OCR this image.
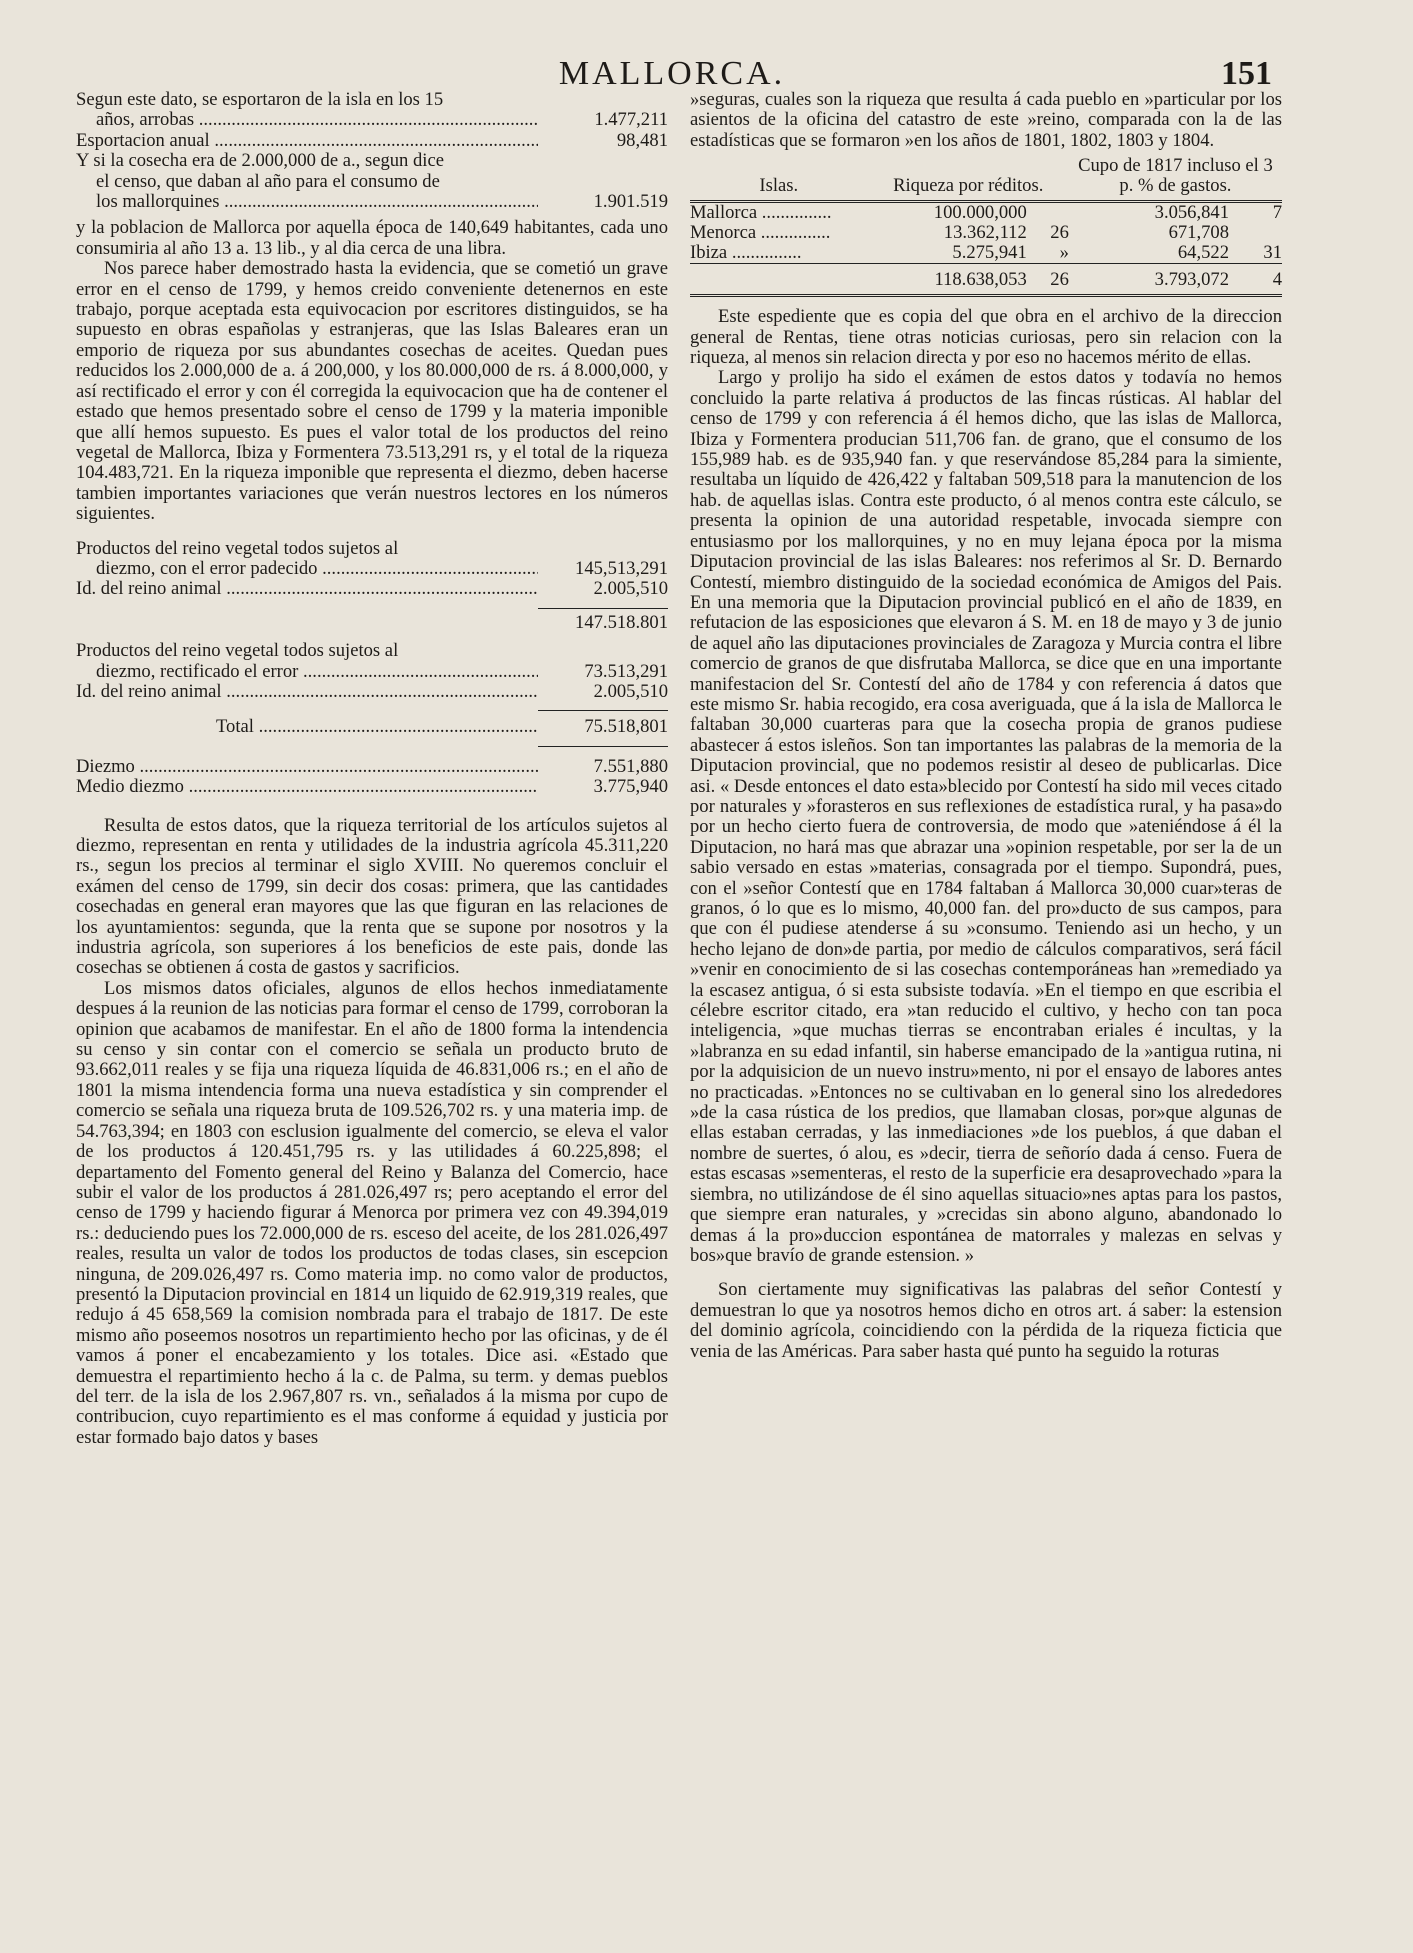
MALLORCA.	151
Segun este dato, se esportaron de la isla en los 15
años, arrobas .....	1.477,211
Esportacion anual .....	98,481
Y si la cosecha era de 2.000,000 de a., segun dice
el censo, que daban al año para el consumo de
los mallorquines .....	1.901.519

y la poblacion de Mallorca por aquella época de 140,649 habitantes, cada uno consumiria al año 13 a. 13 lib., y al dia cerca de una libra.

Nos parece haber demostrado hasta la evidencia, que se cometió un grave error en el censo de 1799, y hemos creido conveniente detenernos en este trabajo, porque aceptada esta equivocacion por escritores distinguidos, se ha supuesto en obras españolas y estranjeras, que las Islas Baleares eran un emporio de riqueza por sus abundantes cosechas de aceites. Quedan pues reducidos los 2.000,000 de a. á 200,000, y los 80.000,000 de rs. á 8.000,000, y así rectificado el error y con él corregida la equivocacion que ha de contener el estado que hemos presentado sobre el censo de 1799 y la materia imponible que allí hemos supuesto. Es pues el valor total de los productos del reino vegetal de Mallorca, Ibiza y Formentera 73.513,291 rs, y el total de la riqueza 104.483,721. En la riqueza imponible que representa el diezmo, deben hacerse tambien importantes variaciones que verán nuestros lectores en los números siguientes.

Productos del reino vegetal todos sujetos al
diezmo, con el error padecido .....	145,513,291
Id. del reino animal .....	2.005,510
147.518.801
Productos del reino vegetal todos sujetos al
diezmo, rectificado el error .....	73.513,291
Id. del reino animal .....	2.005,510
Total .....	75.518,801
Diezmo .....	7.551,880
Medio diezmo .....	3.775,940

Resulta de estos datos, que la riqueza territorial de los artículos sujetos al diezmo, representan en renta y utilidades de la industria agrícola 45.311,220 rs., segun los precios al terminar el siglo XVIII. No queremos concluir el exámen del censo de 1799, sin decir dos cosas: primera, que las cantidades cosechadas en general eran mayores que las que figuran en las relaciones de los ayuntamientos: segunda, que la renta que se supone por nosotros y la industria agrícola, son superiores á los beneficios de este pais, donde las cosechas se obtienen á costa de gastos y sacrificios.

Los mismos datos oficiales, algunos de ellos hechos inmediatamente despues á la reunion de las noticias para formar el censo de 1799, corroboran la opinion que acabamos de manifestar. En el año de 1800 forma la intendencia su censo y sin contar con el comercio se señala un producto bruto de 93.662,011 reales y se fija una riqueza líquida de 46.831,006 rs.; en el año de 1801 la misma intendencia forma una nueva estadística y sin comprender el comercio se señala una riqueza bruta de 109.526,702 rs. y una materia imp. de 54.763,394; en 1803 con esclusion igualmente del comercio, se eleva el valor de los productos á 120.451,795 rs. y las utilidades á 60.225,898; el departamento del Fomento general del Reino y Balanza del Comercio, hace subir el valor de los productos á 281.026,497 rs; pero aceptando el error del censo de 1799 y haciendo figurar á Menorca por primera vez con 49.394,019 rs.: deduciendo pues los 72.000,000 de rs. esceso del aceite, de los 281.026,497 reales, resulta un valor de todos los productos de todas clases, sin escepcion ninguna, de 209.026,497 rs. Como materia imp. no como valor de productos, presentó la Diputacion provincial en 1814 un liquido de 62.919,319 reales, que redujo á 45 658,569 la comision nombrada para el trabajo de 1817. De este mismo año poseemos nosotros un repartimiento hecho por las oficinas, y de él vamos á poner el encabezamiento y los totales. Dice asi. «Estado que demuestra el repartimiento hecho á la c. de Palma, su term. y demas pueblos del terr. de la isla de los 2.967,807 rs. vn., señalados á la misma por cupo de contribucion, cuyo repartimiento es el mas conforme á equidad y justicia por estar formado bajo datos y bases

»seguras, cuales son la riqueza que resulta á cada pueblo en »particular por los asientos de la oficina del catastro de este »reino, comparada con la de las estadísticas que se formaron »en los años de 1801, 1802, 1803 y 1804.

Islas.	Riqueza por réditos.		Cupo de 1817 incluso el 3 p. % de gastos.	
Mallorca .....	100.000,000		3.056,841	7
Menorca .....	13.362,112	26	671,708	
Ibiza .....	5.275,941	»	64,522	31
	118.638,053	26	3.793,072	4

Este espediente que es copia del que obra en el archivo de la direccion general de Rentas, tiene otras noticias curiosas, pero sin relacion con la riqueza, al menos sin relacion directa y por eso no hacemos mérito de ellas.

Largo y prolijo ha sido el exámen de estos datos y todavía no hemos concluido la parte relativa á productos de las fincas rústicas. Al hablar del censo de 1799 y con referencia á él hemos dicho, que las islas de Mallorca, Ibiza y Formentera producian 511,706 fan. de grano, que el consumo de los 155,989 hab. es de 935,940 fan. y que reservándose 85,284 para la simiente, resultaba un líquido de 426,422 y faltaban 509,518 para la manutencion de los hab. de aquellas islas. Contra este producto, ó al menos contra este cálculo, se presenta la opinion de una autoridad respetable, invocada siempre con entusiasmo por los mallorquines, y no en muy lejana época por la misma Diputacion provincial de las islas Baleares: nos referimos al Sr. D. Bernardo Contestí, miembro distinguido de la sociedad económica de Amigos del Pais. En una memoria que la Diputacion provincial publicó en el año de 1839, en refutacion de las esposiciones que elevaron á S. M. en 18 de mayo y 3 de junio de aquel año las diputaciones provinciales de Zaragoza y Murcia contra el libre comercio de granos de que disfrutaba Mallorca, se dice que en una importante manifestacion del Sr. Contestí del año de 1784 y con referencia á datos que este mismo Sr. habia recogido, era cosa averiguada, que á la isla de Mallorca le faltaban 30,000 cuarteras para que la cosecha propia de granos pudiese abastecer á estos isleños. Son tan importantes las palabras de la memoria de la Diputacion provincial, que no podemos resistir al deseo de publicarlas. Dice asi. « Desde entonces el dato esta»blecido por Contestí ha sido mil veces citado por naturales y »forasteros en sus reflexiones de estadística rural, y ha pasa»do por un hecho cierto fuera de controversia, de modo que »ateniéndose á él la Diputacion, no hará mas que abrazar una »opinion respetable, por ser la de un sabio versado en estas »materias, consagrada por el tiempo. Supondrá, pues, con el »señor Contestí que en 1784 faltaban á Mallorca 30,000 cuar»teras de granos, ó lo que es lo mismo, 40,000 fan. del pro»ducto de sus campos, para que con él pudiese atenderse á su »consumo. Teniendo asi un hecho, y un hecho lejano de don»de partia, por medio de cálculos comparativos, será fácil »venir en conocimiento de si las cosechas contemporáneas han »remediado ya la escasez antigua, ó si esta subsiste todavía. »En el tiempo en que escribia el célebre escritor citado, era »tan reducido el cultivo, y hecho con tan poca inteligencia, »que muchas tierras se encontraban eriales é incultas, y la »labranza en su edad infantil, sin haberse emancipado de la »antigua rutina, ni por la adquisicion de un nuevo instru»mento, ni por el ensayo de labores antes no practicadas. »Entonces no se cultivaban en lo general sino los alrededores »de la casa rústica de los predios, que llamaban closas, por»que algunas de ellas estaban cerradas, y las inmediaciones »de los pueblos, á que daban el nombre de suertes, ó alou, es »decir, tierra de señorío dada á censo. Fuera de estas escasas »sementeras, el resto de la superficie era desaprovechado »para la siembra, no utilizándose de él sino aquellas situacio»nes aptas para los pastos, que siempre eran naturales, y »crecidas sin abono alguno, abandonado lo demas á la pro»duccion espontánea de matorrales y malezas en selvas y bos»que bravío de grande estension. »

Son ciertamente muy significativas las palabras del señor Contestí y demuestran lo que ya nosotros hemos dicho en otros art. á saber: la estension del dominio agrícola, coincidiendo con la pérdida de la riqueza ficticia que venia de las Américas. Para saber hasta qué punto ha seguido la roturas
